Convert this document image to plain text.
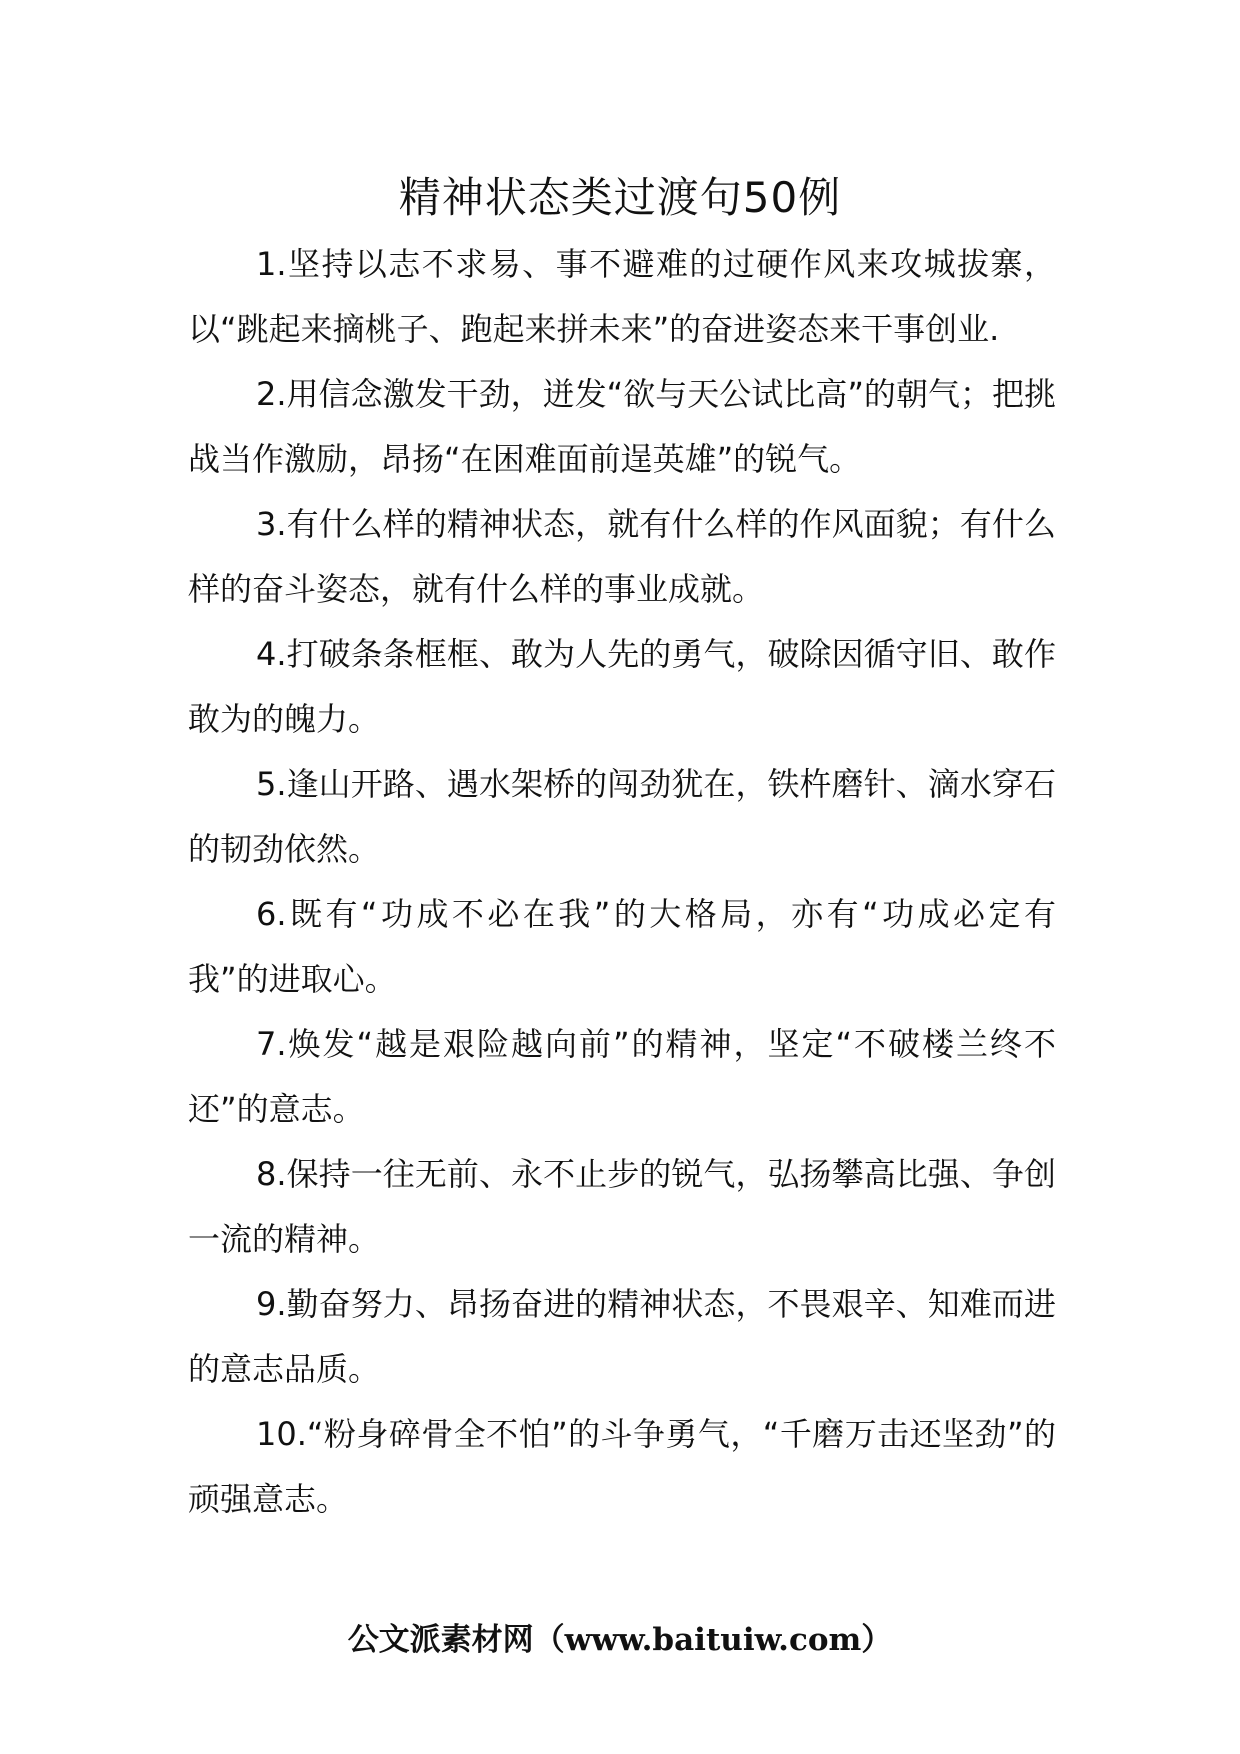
精神状态类过渡句50例

1.坚持以志不求易、事不避难的过硬作风来攻城拔寨，以“跳起来摘桃子、跑起来拼未来”的奋进姿态来干事创业.

2.用信念激发干劲，迸发“欲与天公试比高”的朝气；把挑战当作激励，昂扬“在困难面前逞英雄”的锐气。

3.有什么样的精神状态，就有什么样的作风面貌；有什么样的奋斗姿态，就有什么样的事业成就。

4.打破条条框框、敢为人先的勇气，破除因循守旧、敢作敢为的魄力。

5.逢山开路、遇水架桥的闯劲犹在，铁杵磨针、滴水穿石的韧劲依然。

6.既有“功成不必在我”的大格局，亦有“功成必定有我”的进取心。

7.焕发“越是艰险越向前”的精神，坚定“不破楼兰终不还”的意志。

8.保持一往无前、永不止步的锐气，弘扬攀高比强、争创一流的精神。

9.勤奋努力、昂扬奋进的精神状态，不畏艰辛、知难而进的意志品质。

10.“粉身碎骨全不怕”的斗争勇气，“千磨万击还坚劲”的顽强意志。

公文派素材网（www.baituiw.com）
